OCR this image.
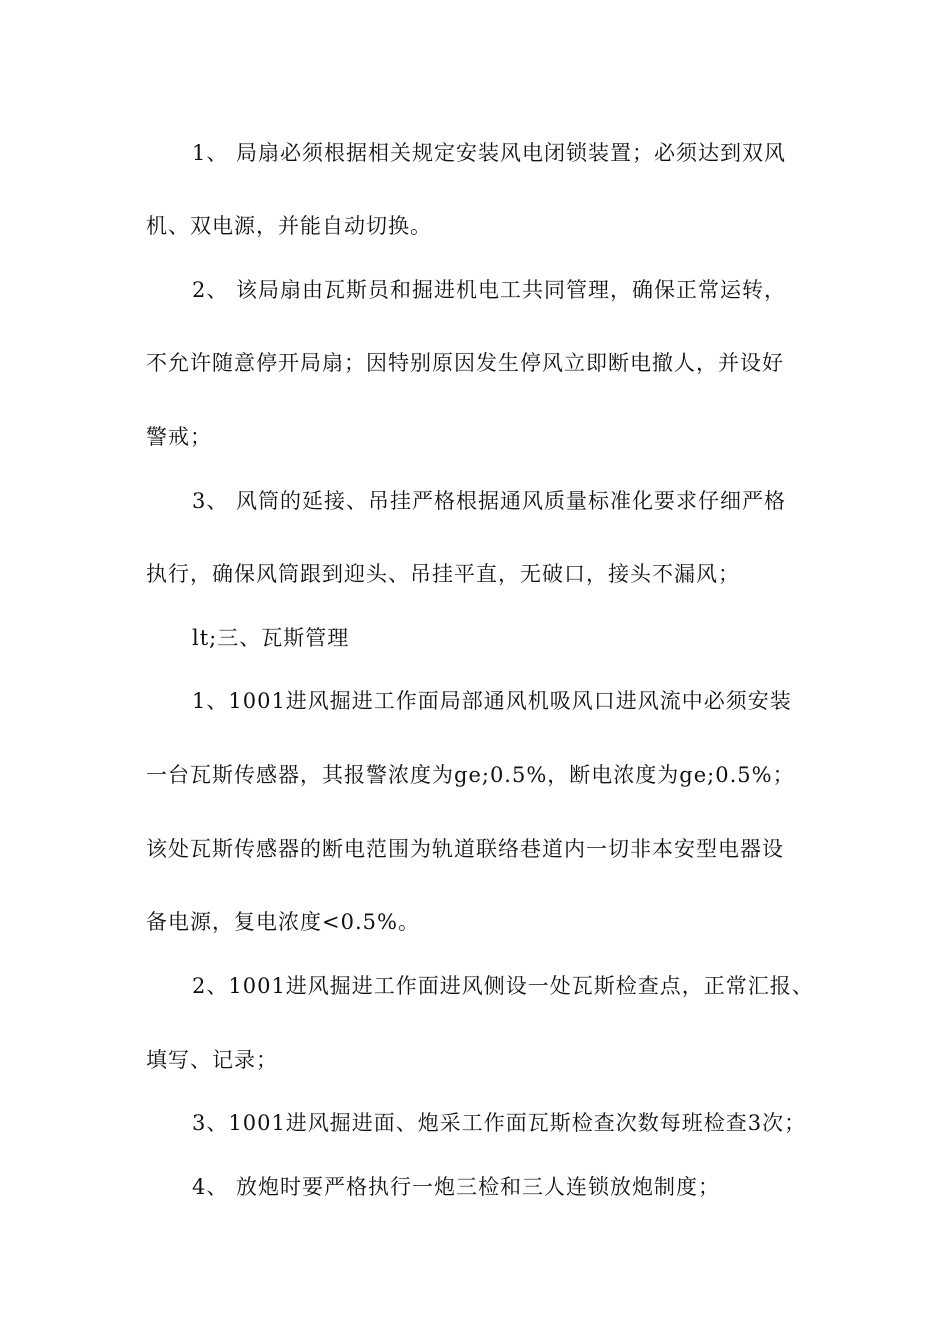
1、 局扇必须根据相关规定安装风电闭锁装置；必须达到双风
机、双电源，并能自动切换。
2、 该局扇由瓦斯员和掘进机电工共同管理，确保正常运转，
不允许随意停开局扇；因特别原因发生停风立即断电撤人，并设好
警戒；
3、 风筒的延接、吊挂严格根据通风质量标准化要求仔细严格
执行，确保风筒跟到迎头、吊挂平直，无破口，接头不漏风；
lt;三、瓦斯管理
1、1001进风掘进工作面局部通风机吸风口进风流中必须安装
一台瓦斯传感器，其报警浓度为ge;0.5%，断电浓度为ge;0.5%；
该处瓦斯传感器的断电范围为轨道联络巷道内一切非本安型电器设
备电源，复电浓度<0.5%。
2、1001进风掘进工作面进风侧设一处瓦斯检查点，正常汇报、
填写、记录；
3、1001进风掘进面、炮采工作面瓦斯检查次数每班检查3次；
4、 放炮时要严格执行一炮三检和三人连锁放炮制度；
